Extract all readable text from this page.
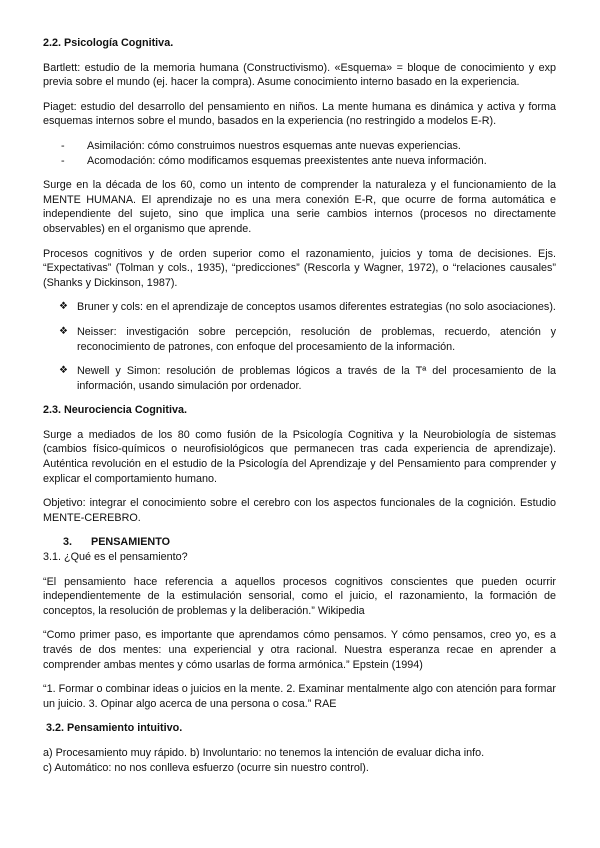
2.2. Psicología Cognitiva.

Bartlett: estudio de la memoria humana (Constructivismo). «Esquema» = bloque de conocimiento y exp previa sobre el mundo (ej. hacer la compra). Asume conocimiento interno basado en la experiencia.

Piaget: estudio del desarrollo del pensamiento en niños. La mente humana es dinámica y activa y forma esquemas internos sobre el mundo, basados en la experiencia (no restringido a modelos E-R).

-	Asimilación: cómo construimos nuestros esquemas ante nuevas experiencias.
-	Acomodación: cómo modificamos esquemas preexistentes ante nueva información.

Surge en la década de los 60, como un intento de comprender la naturaleza y el funcionamiento de la MENTE HUMANA. El aprendizaje no es una mera conexión E-R, que ocurre de forma automática e independiente del sujeto, sino que implica una serie cambios internos (procesos no directamente observables) en el organismo que aprende.

Procesos cognitivos y de orden superior como el razonamiento, juicios y toma de decisiones. Ejs. “Expectativas” (Tolman y cols., 1935), “predicciones” (Rescorla y Wagner, 1972), o “relaciones causales” (Shanks y Dickinson, 1987).

❖ Bruner y cols: en el aprendizaje de conceptos usamos diferentes estrategias (no solo asociaciones).
❖ Neisser: investigación sobre percepción, resolución de problemas, recuerdo, atención y reconocimiento de patrones, con enfoque del procesamiento de la información.
❖ Newell y Simon: resolución de problemas lógicos a través de la Tª del procesamiento de la información, usando simulación por ordenador.

2.3. Neurociencia Cognitiva.

Surge a mediados de los 80 como fusión de la Psicología Cognitiva y la Neurobiología de sistemas (cambios físico-químicos o neurofisiológicos que permanecen tras cada experiencia de aprendizaje). Auténtica revolución en el estudio de la Psicología del Aprendizaje y del Pensamiento para comprender y explicar el comportamiento humano.

Objetivo: integrar el conocimiento sobre el cerebro con los aspectos funcionales de la cognición. Estudio MENTE-CEREBRO.

3. PENSAMIENTO

3.1. ¿Qué es el pensamiento?

“El pensamiento hace referencia a aquellos procesos cognitivos conscientes que pueden ocurrir independientemente de la estimulación sensorial, como el juicio, el razonamiento, la formación de conceptos, la resolución de problemas y la deliberación.” Wikipedia

“Como primer paso, es importante que aprendamos cómo pensamos. Y cómo pensamos, creo yo, es a través de dos mentes: una experiencial y otra racional. Nuestra esperanza recae en aprender a comprender ambas mentes y cómo usarlas de forma armónica.” Epstein (1994)

“1. Formar o combinar ideas o juicios en la mente. 2. Examinar mentalmente algo con atención para formar un juicio. 3. Opinar algo acerca de una persona o cosa.” RAE

3.2. Pensamiento intuitivo.

a) Procesamiento muy rápido. b) Involuntario: no tenemos la intención de evaluar dicha info.

c) Automático: no nos conlleva esfuerzo (ocurre sin nuestro control).
